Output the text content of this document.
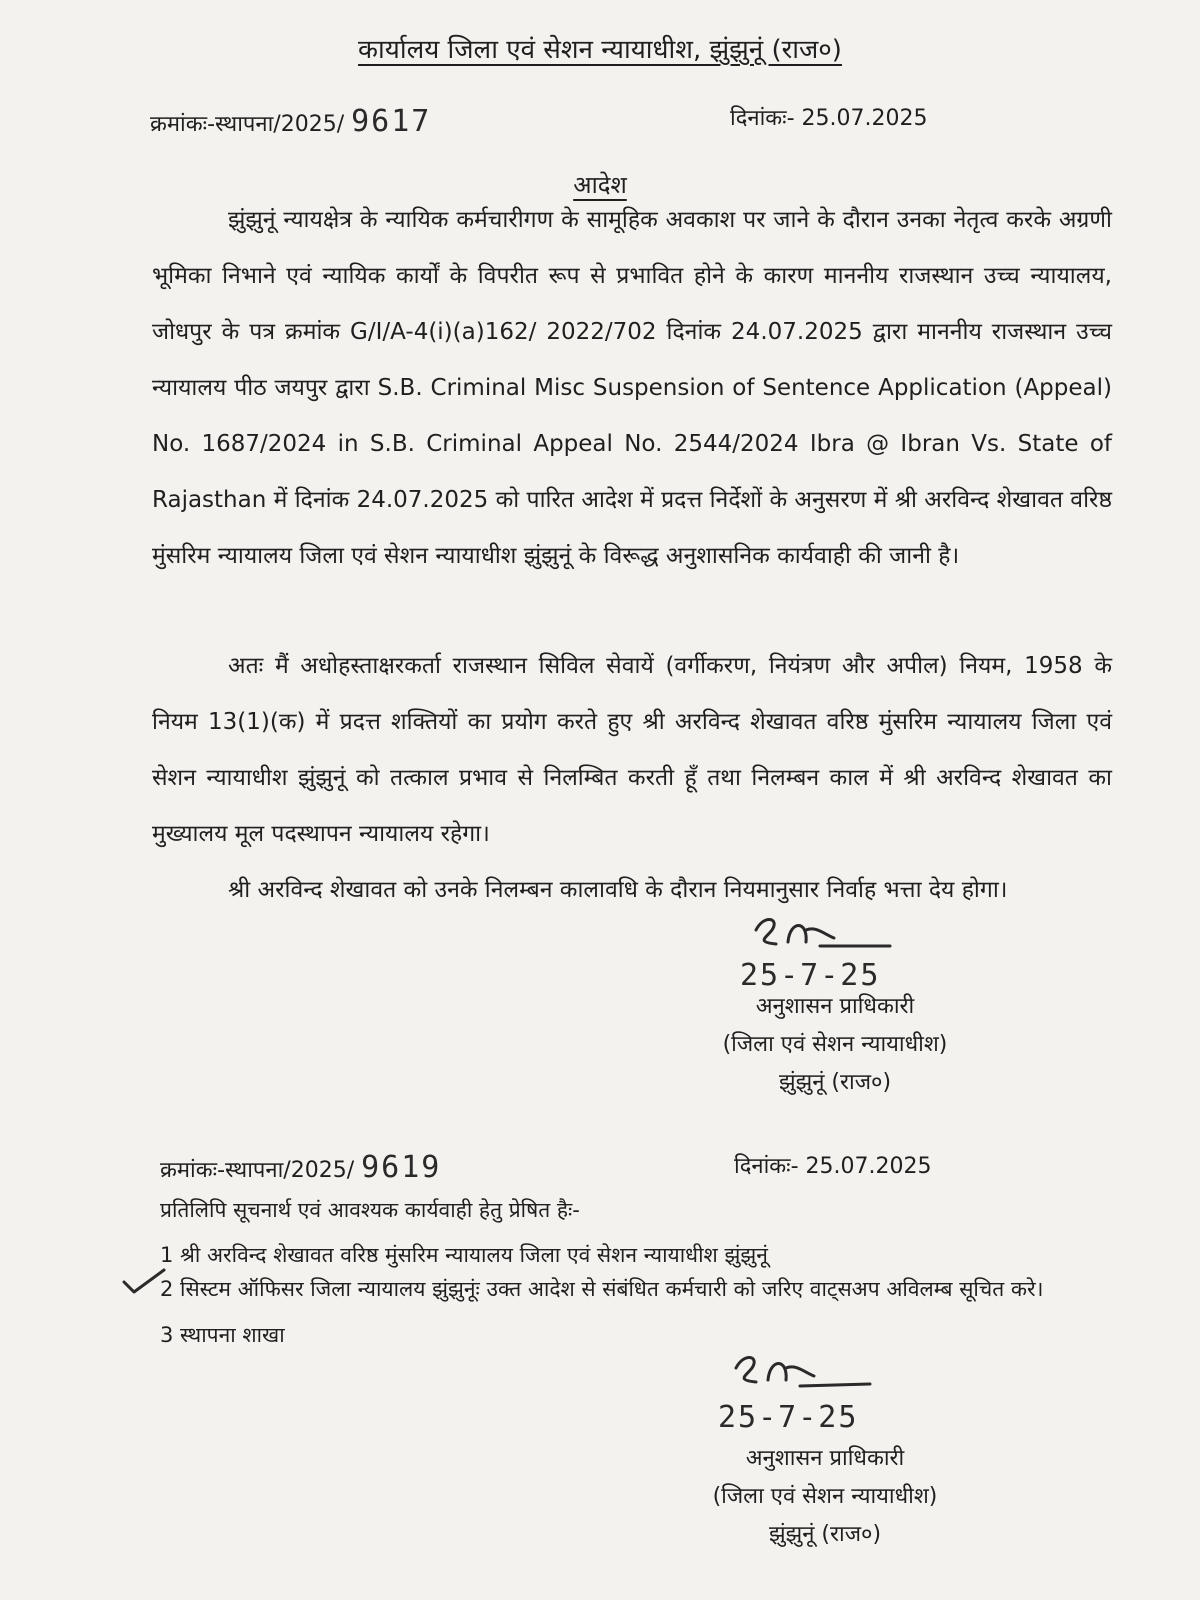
कार्यालय जिला एवं सेशन न्यायाधीश, झुंझुनूं (राज०)
क्रमांकः-स्थापना/2025/ 9617	दिनांकः- 25.07.2025
आदेश
झुंझुनूं न्यायक्षेत्र के न्यायिक कर्मचारीगण के सामूहिक अवकाश पर जाने के दौरान उनका नेतृत्व करके अग्रणी भूमिका निभाने एवं न्यायिक कार्यों के विपरीत रूप से प्रभावित होने के कारण माननीय राजस्थान उच्च न्यायालय, जोधपुर के पत्र क्रमांक G/I/A-4(i)(a)162/ 2022/702 दिनांक 24.07.2025 द्वारा माननीय राजस्थान उच्च न्यायालय पीठ जयपुर द्वारा S.B. Criminal Misc Suspension of Sentence Application (Appeal) No. 1687/2024 in S.B. Criminal Appeal No. 2544/2024 Ibra @ Ibran Vs. State of Rajasthan में दिनांक 24.07.2025 को पारित आदेश में प्रदत्त निर्देशों के अनुसरण में श्री अरविन्द शेखावत वरिष्ठ मुंसरिम न्यायालय जिला एवं सेशन न्यायाधीश झुंझुनूं के विरूद्ध अनुशासनिक कार्यवाही की जानी है।
अतः मैं अधोहस्ताक्षरकर्ता राजस्थान सिविल सेवायें (वर्गीकरण, नियंत्रण और अपील) नियम, 1958 के नियम 13(1)(क) में प्रदत्त शक्तियों का प्रयोग करते हुए श्री अरविन्द शेखावत वरिष्ठ मुंसरिम न्यायालय जिला एवं सेशन न्यायाधीश झुंझुनूं को तत्काल प्रभाव से निलम्बित करती हूँ तथा निलम्बन काल में श्री अरविन्द शेखावत का मुख्यालय मूल पदस्थापन न्यायालय रहेगा।
श्री अरविन्द शेखावत को उनके निलम्बन कालावधि के दौरान नियमानुसार निर्वाह भत्ता देय होगा।
25-7-25
अनुशासन प्राधिकारी
(जिला एवं सेशन न्यायाधीश)
झुंझुनूं (राज०)
क्रमांकः-स्थापना/2025/ 9619	दिनांकः- 25.07.2025
प्रतिलिपि सूचनार्थ एवं आवश्यक कार्यवाही हेतु प्रेषित हैः-
1 श्री अरविन्द शेखावत वरिष्ठ मुंसरिम न्यायालय जिला एवं सेशन न्यायाधीश झुंझुनूं
2 सिस्टम ऑफिसर जिला न्यायालय झुंझुनूंः उक्त आदेश से संबंधित कर्मचारी को जरिए वाट्सअप अविलम्ब सूचित करे।
3 स्थापना शाखा
25-7-25
अनुशासन प्राधिकारी
(जिला एवं सेशन न्यायाधीश)
झुंझुनूं (राज०)
